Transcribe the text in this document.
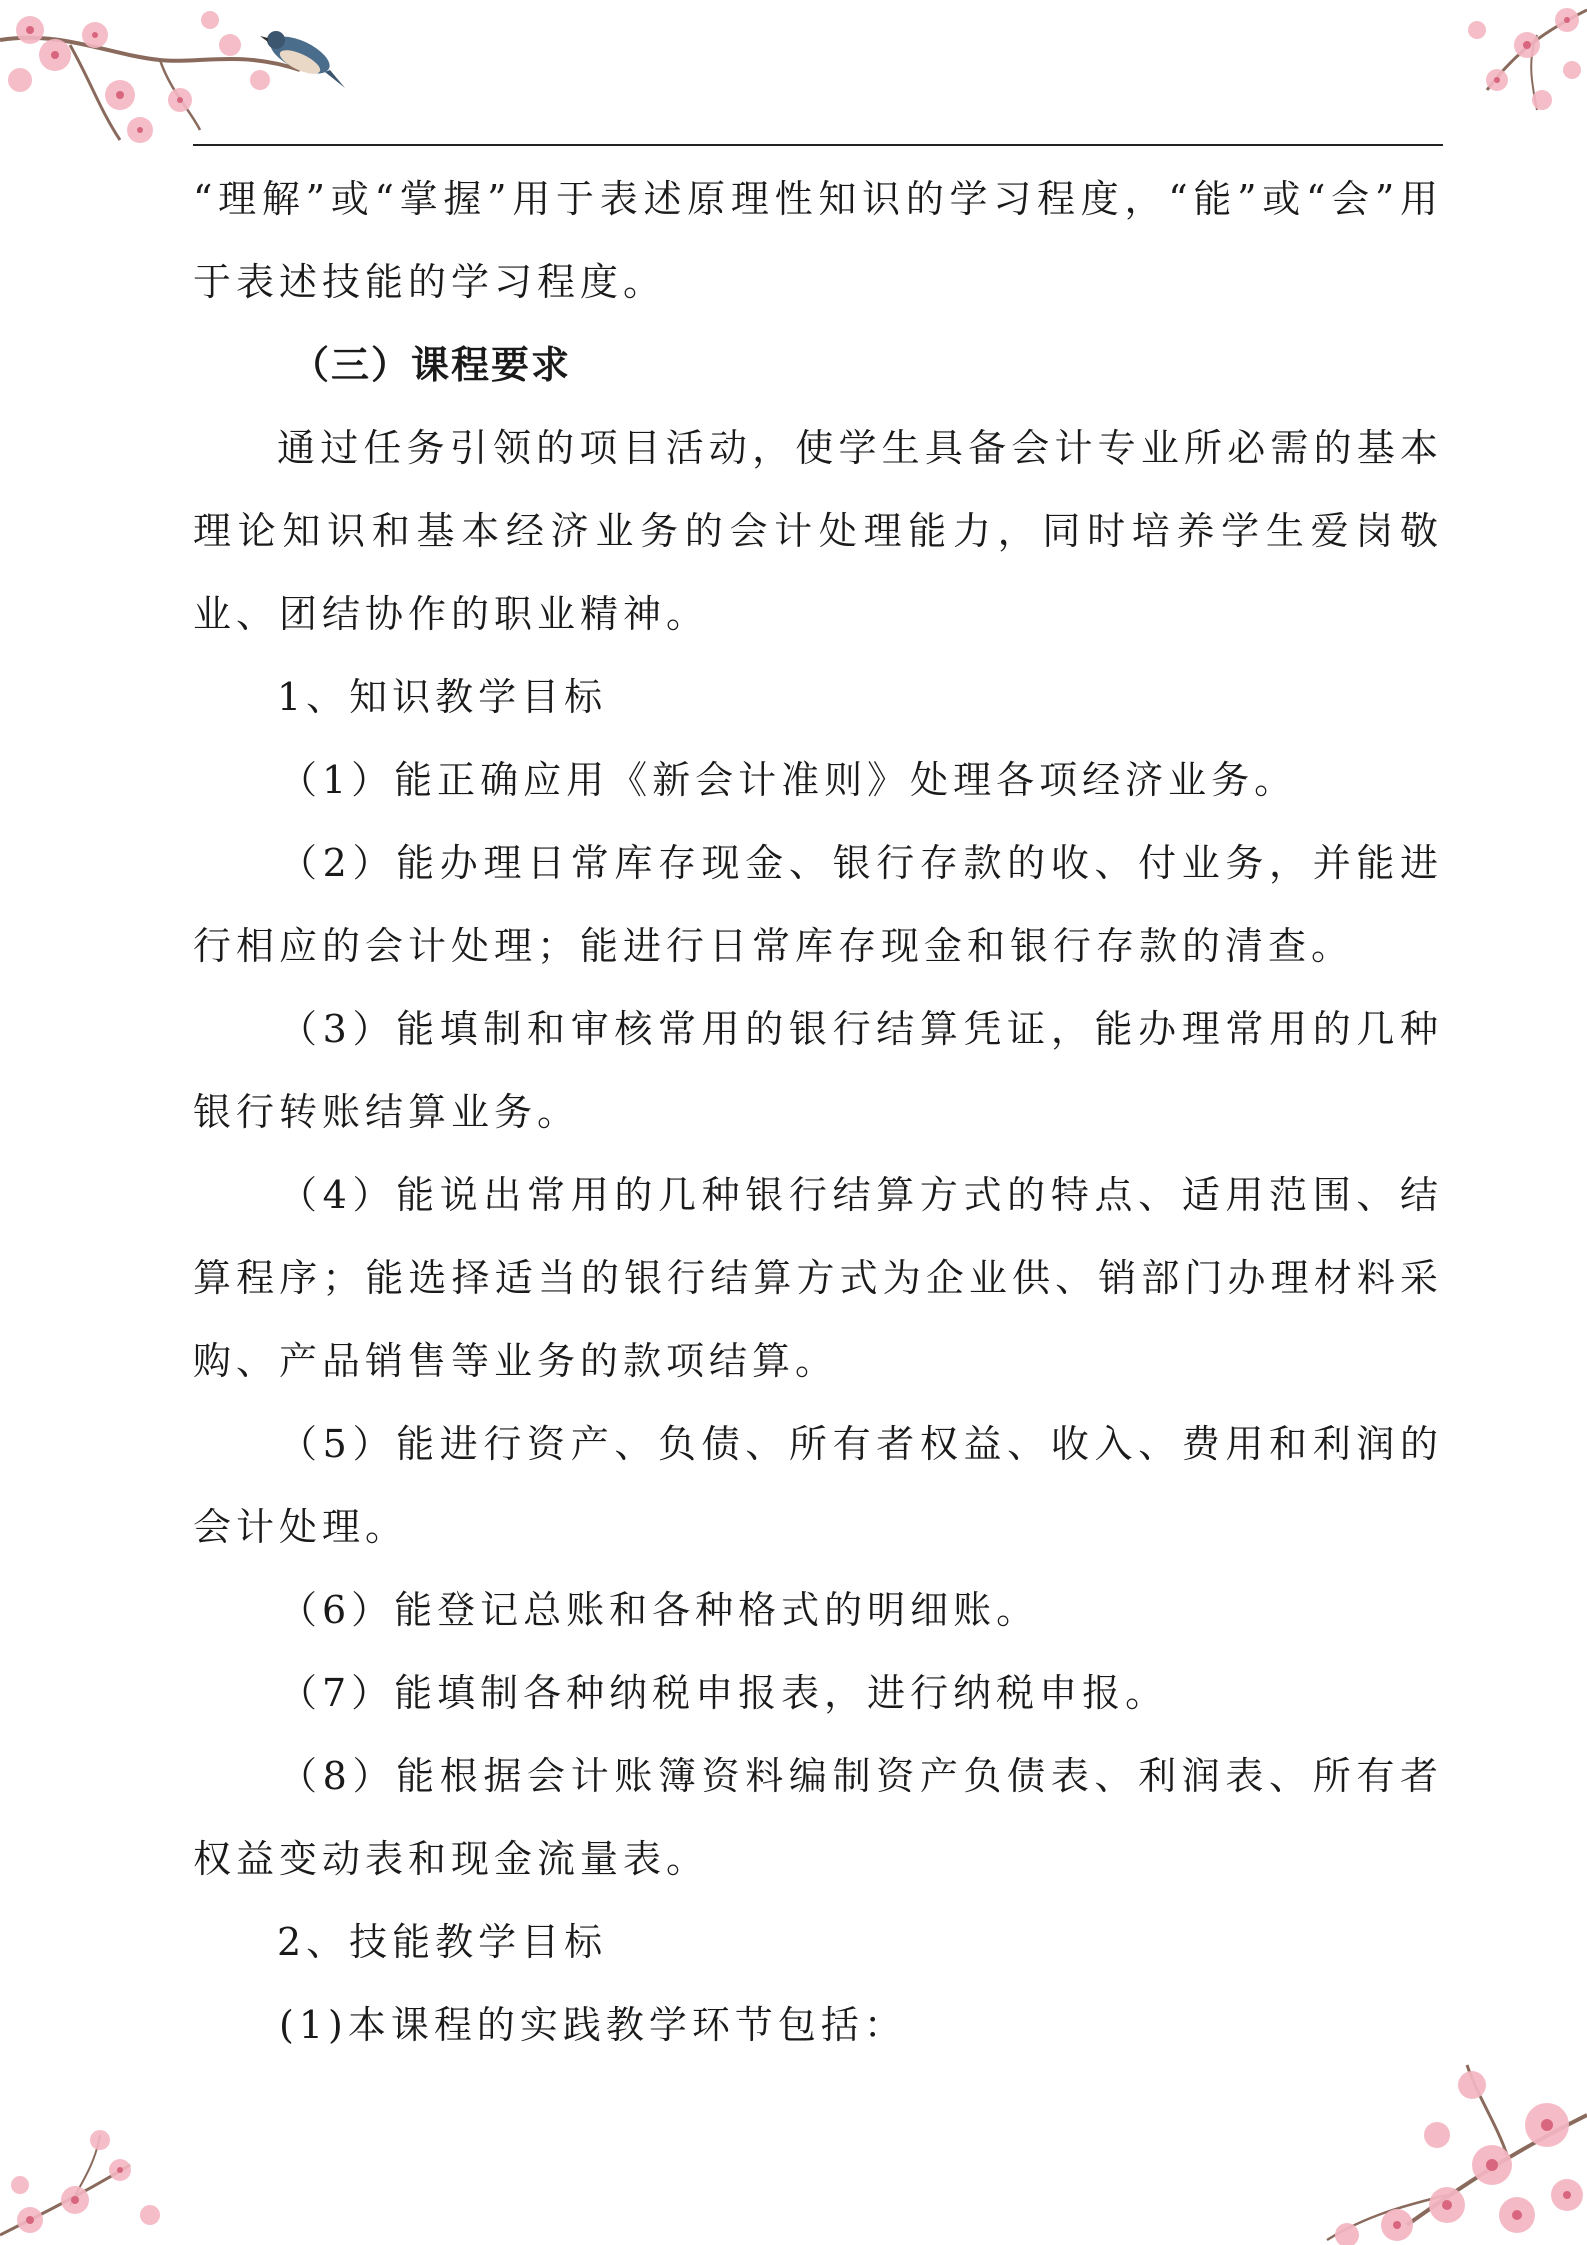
“理解”或“掌握”用于表述原理性知识的学习程度，“能”或“会”用于表述技能的学习程度。

（三）课程要求

通过任务引领的项目活动，使学生具备会计专业所必需的基本理论知识和基本经济业务的会计处理能力，同时培养学生爱岗敬业、团结协作的职业精神。

1、知识教学目标

（1）能正确应用《新会计准则》处理各项经济业务。

（2）能办理日常库存现金、银行存款的收、付业务，并能进行相应的会计处理；能进行日常库存现金和银行存款的清查。

（3）能填制和审核常用的银行结算凭证，能办理常用的几种银行转账结算业务。

（4）能说出常用的几种银行结算方式的特点、适用范围、结算程序；能选择适当的银行结算方式为企业供、销部门办理材料采购、产品销售等业务的款项结算。

（5）能进行资产、负债、所有者权益、收入、费用和利润的会计处理。

（6）能登记总账和各种格式的明细账。

（7）能填制各种纳税申报表，进行纳税申报。

（8）能根据会计账簿资料编制资产负债表、利润表、所有者权益变动表和现金流量表。

2、技能教学目标

(1)本课程的实践教学环节包括：
